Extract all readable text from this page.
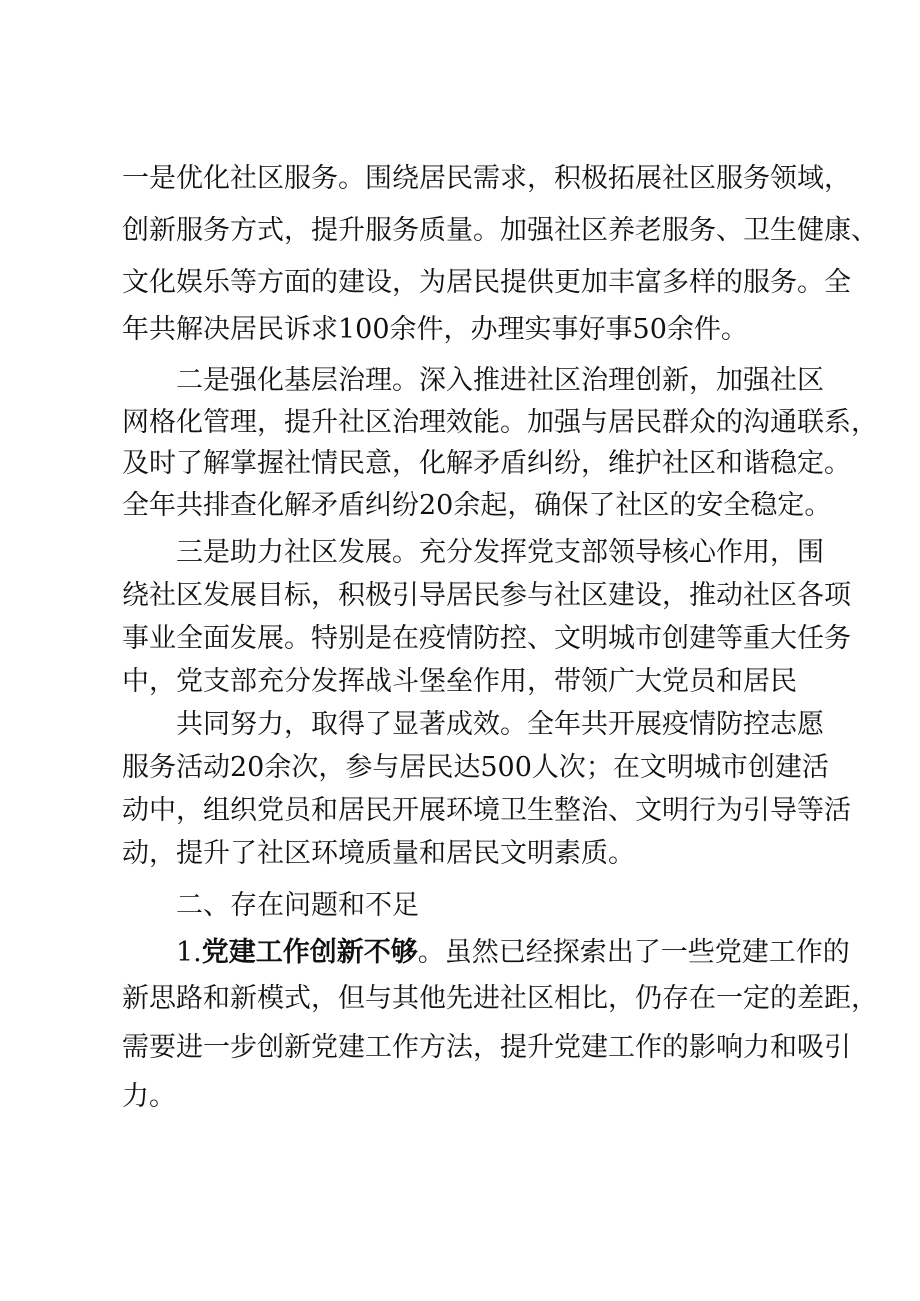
一是优化社区服务。围绕居民需求，积极拓展社区服务领域，

创新服务方式，提升服务质量。加强社区养老服务、卫生健康、

文化娱乐等方面的建设，为居民提供更加丰富多样的服务。全

年共解决居民诉求100余件，办理实事好事50余件。

二是强化基层治理。深入推进社区治理创新，加强社区

网格化管理，提升社区治理效能。加强与居民群众的沟通联系，

及时了解掌握社情民意，化解矛盾纠纷，维护社区和谐稳定。

全年共排查化解矛盾纠纷20余起，确保了社区的安全稳定。

三是助力社区发展。充分发挥党支部领导核心作用，围

绕社区发展目标，积极引导居民参与社区建设，推动社区各项

事业全面发展。特别是在疫情防控、文明城市创建等重大任务

中，党支部充分发挥战斗堡垒作用，带领广大党员和居民

共同努力，取得了显著成效。全年共开展疫情防控志愿

服务活动20余次，参与居民达500人次；在文明城市创建活

动中，组织党员和居民开展环境卫生整治、文明行为引导等活

动，提升了社区环境质量和居民文明素质。

二、存在问题和不足

1.党建工作创新不够。虽然已经探索出了一些党建工作的

新思路和新模式，但与其他先进社区相比，仍存在一定的差距，

需要进一步创新党建工作方法，提升党建工作的影响力和吸引

力。
